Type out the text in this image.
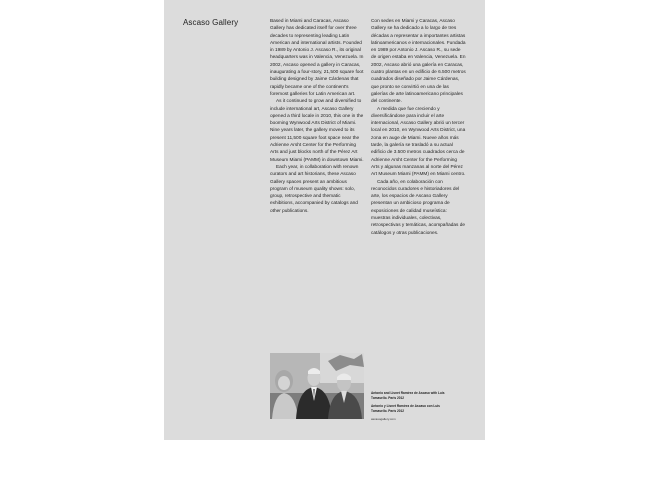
Ascaso Gallery	Based in Miami and Caracas, Ascaso Gallery has dedicated itself for over three decades to representing leading Latin American and international artists. Founded in 1989 by Antonio J. Ascaso R., its original headquarters was in Valencia, Venezuela. In 2002, Ascaso opened a gallery in Caracas, inaugurating a four-story, 21,500 square foot building designed by Jaime Cárdenas that rapidly became one of the continent's foremost galleries for Latin American art.

As it continued to grow and diversified to include international art, Ascaso Gallery opened a third locale in 2010, this one in the booming Wynwood Arts District of Miami. Nine years later, the gallery moved to its present 11,500 square foot space near the Adrienne Arsht Center for the Performing Arts and just blocks north of the Pérez Art Museum Miami (PAMM) in downtown Miami.

Each year, in collaboration with renown curators and art historians, these Ascaso Gallery spaces present an ambitious program of museum quality shows: solo, group, retrospective and thematic exhibitions, accompanied by catalogs and other publications.

Con sedes en Miami y Caracas, Ascaso Gallery se ha dedicado a lo largo de tres décadas a representar a importantes artistas latinoamericanos e internacionales. Fundada en 1989 por Antonio J. Ascaso R., su sede de origen estaba en Valencia, Venezuela. En 2002, Ascaso abrió una galería en Caracas, cuatro plantas en un edificio de 6.500 metros cuadrados diseñado por Jaime Cárdenas, que pronto se convirtió en una de las galerías de arte latinoamericano principales del continente.

A medida que fue creciendo y diversificándose para incluir el arte internacional, Ascaso Gallery abrió un tercer local en 2010, en Wynwood Arts District, una zona en auge de Miami. Nueve años más tarde, la galería se trasladó a su actual edificio de 3.500 metros cuadrados cerca de Adrienne Arsht Center for the Performing Arts y algunas manzanas al norte del Pérez Art Museum Miami (PAMM) en Miami centro.

Cada año, en colaboración con reconocidos curadores e historiadores del arte, los espacios de Ascaso Gallery presentan un ambicioso programa de exposiciones de calidad museística: muestras individuales, colectivas, retrospectivas y temáticas, acompañadas de catálogos y otras publicaciones.

Antonio and Lisnet Ramírez de Ascaso with Luis Tomasello. Paris 2012
Antonio y Lisnet Ramírez de Ascaso con Luis Tomasello. París 2012
ascasogallery.com
